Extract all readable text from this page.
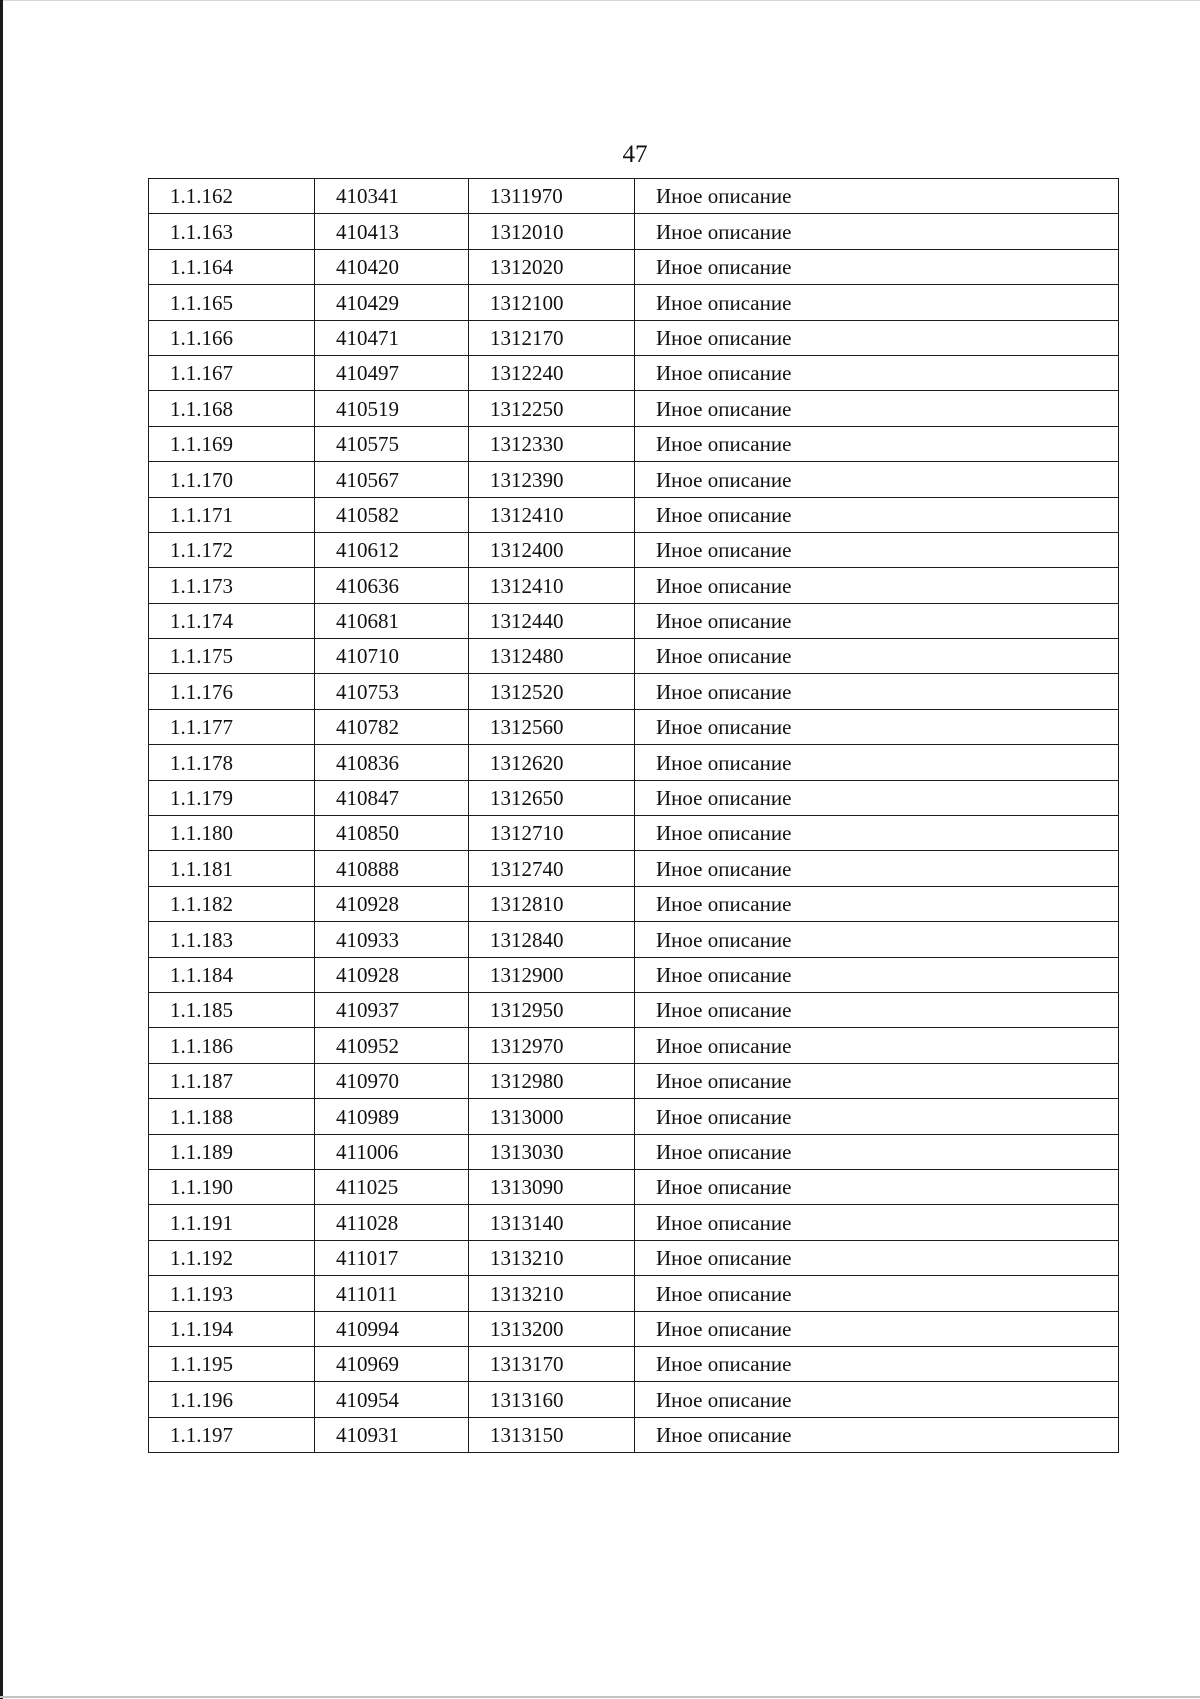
47
1.1.162	410341	1311970	Иное описание
1.1.163	410413	1312010	Иное описание
1.1.164	410420	1312020	Иное описание
1.1.165	410429	1312100	Иное описание
1.1.166	410471	1312170	Иное описание
1.1.167	410497	1312240	Иное описание
1.1.168	410519	1312250	Иное описание
1.1.169	410575	1312330	Иное описание
1.1.170	410567	1312390	Иное описание
1.1.171	410582	1312410	Иное описание
1.1.172	410612	1312400	Иное описание
1.1.173	410636	1312410	Иное описание
1.1.174	410681	1312440	Иное описание
1.1.175	410710	1312480	Иное описание
1.1.176	410753	1312520	Иное описание
1.1.177	410782	1312560	Иное описание
1.1.178	410836	1312620	Иное описание
1.1.179	410847	1312650	Иное описание
1.1.180	410850	1312710	Иное описание
1.1.181	410888	1312740	Иное описание
1.1.182	410928	1312810	Иное описание
1.1.183	410933	1312840	Иное описание
1.1.184	410928	1312900	Иное описание
1.1.185	410937	1312950	Иное описание
1.1.186	410952	1312970	Иное описание
1.1.187	410970	1312980	Иное описание
1.1.188	410989	1313000	Иное описание
1.1.189	411006	1313030	Иное описание
1.1.190	411025	1313090	Иное описание
1.1.191	411028	1313140	Иное описание
1.1.192	411017	1313210	Иное описание
1.1.193	411011	1313210	Иное описание
1.1.194	410994	1313200	Иное описание
1.1.195	410969	1313170	Иное описание
1.1.196	410954	1313160	Иное описание
1.1.197	410931	1313150	Иное описание
